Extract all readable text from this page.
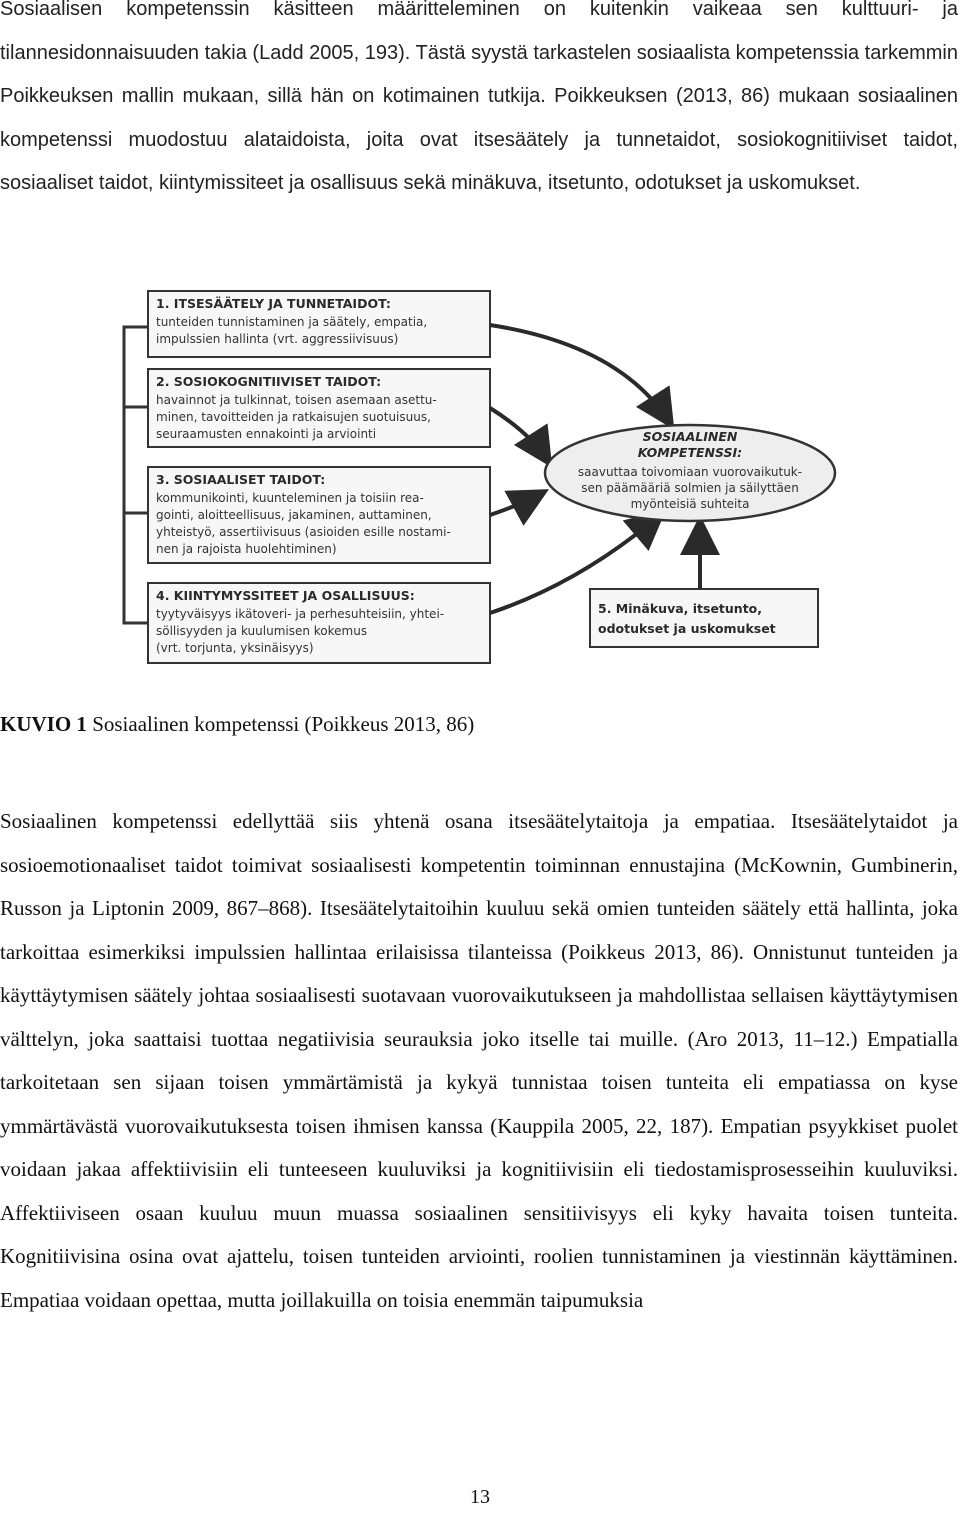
Sosiaalisen kompetenssin käsitteen määritteleminen on kuitenkin vaikeaa sen kulttuuri- ja tilannesidonnaisuuden takia (Ladd 2005, 193). Tästä syystä tarkastelen sosiaalista kompetenssia tarkemmin Poikkeuksen mallin mukaan, sillä hän on kotimainen tutkija. Poikkeuksen (2013, 86) mukaan sosiaalinen kompetenssi muodostuu alataidoista, joita ovat itsesäätely ja tunnetaidot, sosiokognitiiviset taidot, sosiaaliset taidot, kiintymissiteet ja osallisuus sekä minäkuva, itsetunto, odotukset ja uskomukset.

1. ITSESÄÄTELY JA TUNNETAIDOT:
tunteiden tunnistaminen ja säätely, empatia,
impulssien hallinta (vrt. aggressiivisuus)
2. SOSIOKOGNITIIVISET TAIDOT:
havainnot ja tulkinnat, toisen asemaan asettu-
minen, tavoitteiden ja ratkaisujen suotuisuus,
seuraamusten ennakointi ja arviointi
3. SOSIAALISET TAIDOT:
kommunikointi, kuunteleminen ja toisiin rea-
gointi, aloitteellisuus, jakaminen, auttaminen,
yhteistyö, assertiivisuus (asioiden esille nostami-
nen ja rajoista huolehtiminen)
4. KIINTYMYSSITEET JA OSALLISUUS:
tyytyväisyys ikätoveri- ja perhesuhteisiin, yhtei-
söllisyyden ja kuulumisen kokemus
(vrt. torjunta, yksinäisyys)
5. Minäkuva, itsetunto,
odotukset ja uskomukset
SOSIAALINEN
KOMPETENSSI:
saavuttaa toivomiaan vuorovaikutuk-
sen päämääriä solmien ja säilyttäen
myönteisiä suhteita

KUVIO 1 Sosiaalinen kompetenssi (Poikkeus 2013, 86)

Sosiaalinen kompetenssi edellyttää siis yhtenä osana itsesäätelytaitoja ja empatiaa. Itsesäätelytaidot ja sosioemotionaaliset taidot toimivat sosiaalisesti kompetentin toiminnan ennustajina (McKownin, Gumbinerin, Russon ja Liptonin 2009, 867–868). Itsesäätelytaitoihin kuuluu sekä omien tunteiden säätely että hallinta, joka tarkoittaa esimerkiksi impulssien hallintaa erilaisissa tilanteissa (Poikkeus 2013, 86). Onnistunut tunteiden ja käyttäytymisen säätely johtaa sosiaalisesti suotavaan vuorovaikutukseen ja mahdollistaa sellaisen käyttäytymisen välttelyn, joka saattaisi tuottaa negatiivisia seurauksia joko itselle tai muille. (Aro 2013, 11–12.) Empatialla tarkoitetaan sen sijaan toisen ymmärtämistä ja kykyä tunnistaa toisen tunteita eli empatiassa on kyse ymmärtävästä vuorovaikutuksesta toisen ihmisen kanssa (Kauppila 2005, 22, 187). Empatian psyykkiset puolet voidaan jakaa affektiivisiin eli tunteeseen kuuluviksi ja kognitiivisiin eli tiedostamisprosesseihin kuuluviksi. Affektiiviseen osaan kuuluu muun muassa sosiaalinen sensitiivisyys eli kyky havaita toisen tunteita. Kognitiivisina osina ovat ajattelu, toisen tunteiden arviointi, roolien tunnistaminen ja viestinnän käyttäminen. Empatiaa voidaan opettaa, mutta joillakuilla on toisia enemmän taipumuksia

13
